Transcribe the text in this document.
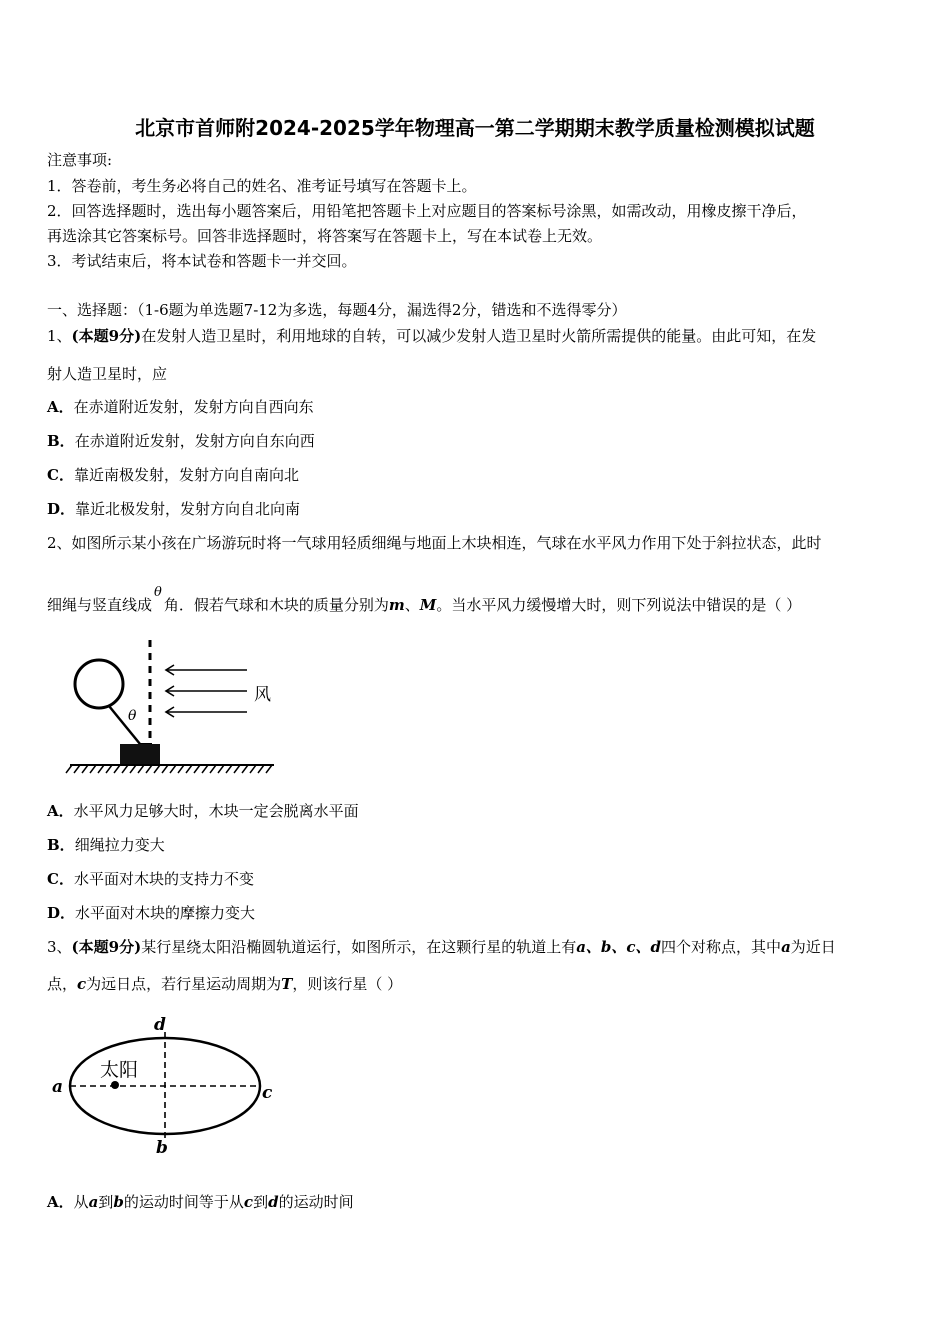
北京市首师附2024-2025学年物理高一第二学期期末教学质量检测模拟试题
注意事项:
1．答卷前，考生务必将自己的姓名、准考证号填写在答题卡上。
2．回答选择题时，选出每小题答案后，用铅笔把答题卡上对应题目的答案标号涂黑，如需改动，用橡皮擦干净后，
再选涂其它答案标号。回答非选择题时，将答案写在答题卡上，写在本试卷上无效。
3．考试结束后，将本试卷和答题卡一并交回。
一、选择题：（1-6题为单选题7-12为多选，每题4分，漏选得2分，错选和不选得零分）
1、(本题9分)在发射人造卫星时，利用地球的自转，可以减少发射人造卫星时火箭所需提供的能量。由此可知，在发
射人造卫星时，应
A．在赤道附近发射，发射方向自西向东
B．在赤道附近发射，发射方向自东向西
C．靠近南极发射，发射方向自南向北
D．靠近北极发射，发射方向自北向南
2、如图所示某小孩在广场游玩时将一气球用轻质细绳与地面上木块相连，气球在水平风力作用下处于斜拉状态，此时
细绳与竖直线成θ角．假若气球和木块的质量分别为m、M。当水平风力缓慢增大时，则下列说法中错误的是（ ）
风
θ
A．水平风力足够大时，木块一定会脱离水平面
B．细绳拉力变大
C．水平面对木块的支持力不变
D．水平面对木块的摩擦力变大
3、(本题9分)某行星绕太阳沿椭圆轨道运行，如图所示，在这颗行星的轨道上有a、b、c、d四个对称点，其中a为近日
点，c为远日点，若行星运动周期为T，则该行星（ ）
太阳
a	c
d
b
A．从a到b的运动时间等于从c到d的运动时间
